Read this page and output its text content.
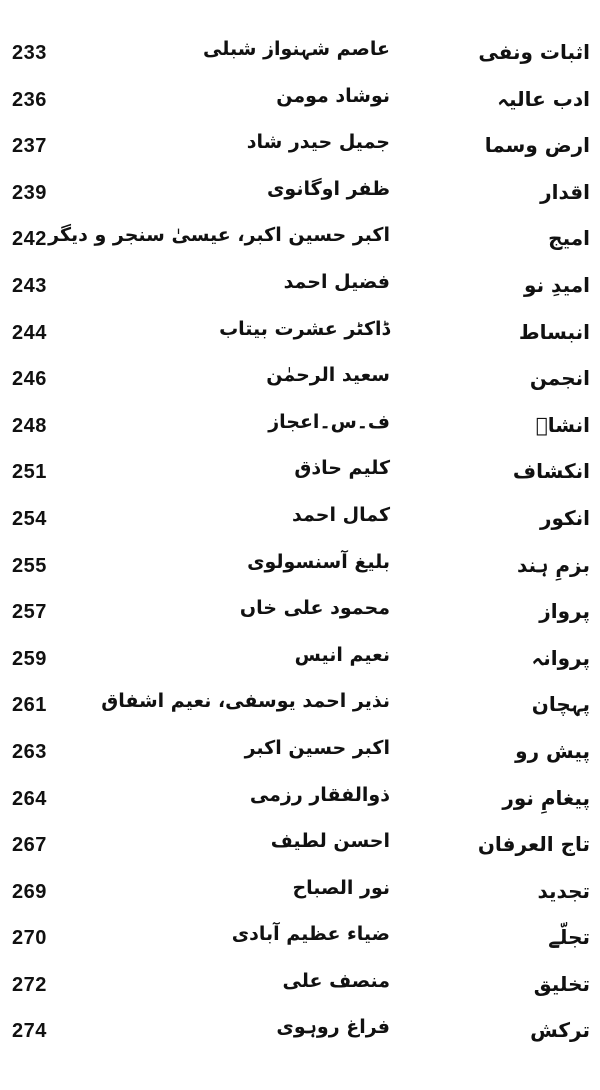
233	عاصم شہنواز شبلی	اثبات ونفی
236	نوشاد مومن	ادب عالیہ
237	جمیل حیدر شاد	ارض وسما
239	ظفر اوگانوی	اقدار
242 اکبر حسین اکبر، عیسیٰ سنجر و دیگر	امیج
243	فضیل احمد	امیدِ نو
244	ڈاکٹر عشرت بیتاب	انبساط
246	سعید الرحمٰن	انجمن
248	ف۔س۔اعجاز	انشاؔ
251	کلیم حاذق	انکشاف
254	کمال احمد	انکور
255	بلیغ آسنسولوی	بزمِ ہند
257	محمود علی خاں	پرواز
259	نعیم انیس	پروانہ
261	نذیر احمد یوسفی، نعیم اشفاق	پہچان
263	اکبر حسین اکبر	پیش رو
264	ذوالفقار رزمی	پیغامِ نور
267	احسن لطیف	تاج العرفان
269	نور الصباح	تجدید
270	ضیاء عظیم آبادی	تجلّے
272	منصف علی	تخلیق
274	فراغ روہوی	ترکش
